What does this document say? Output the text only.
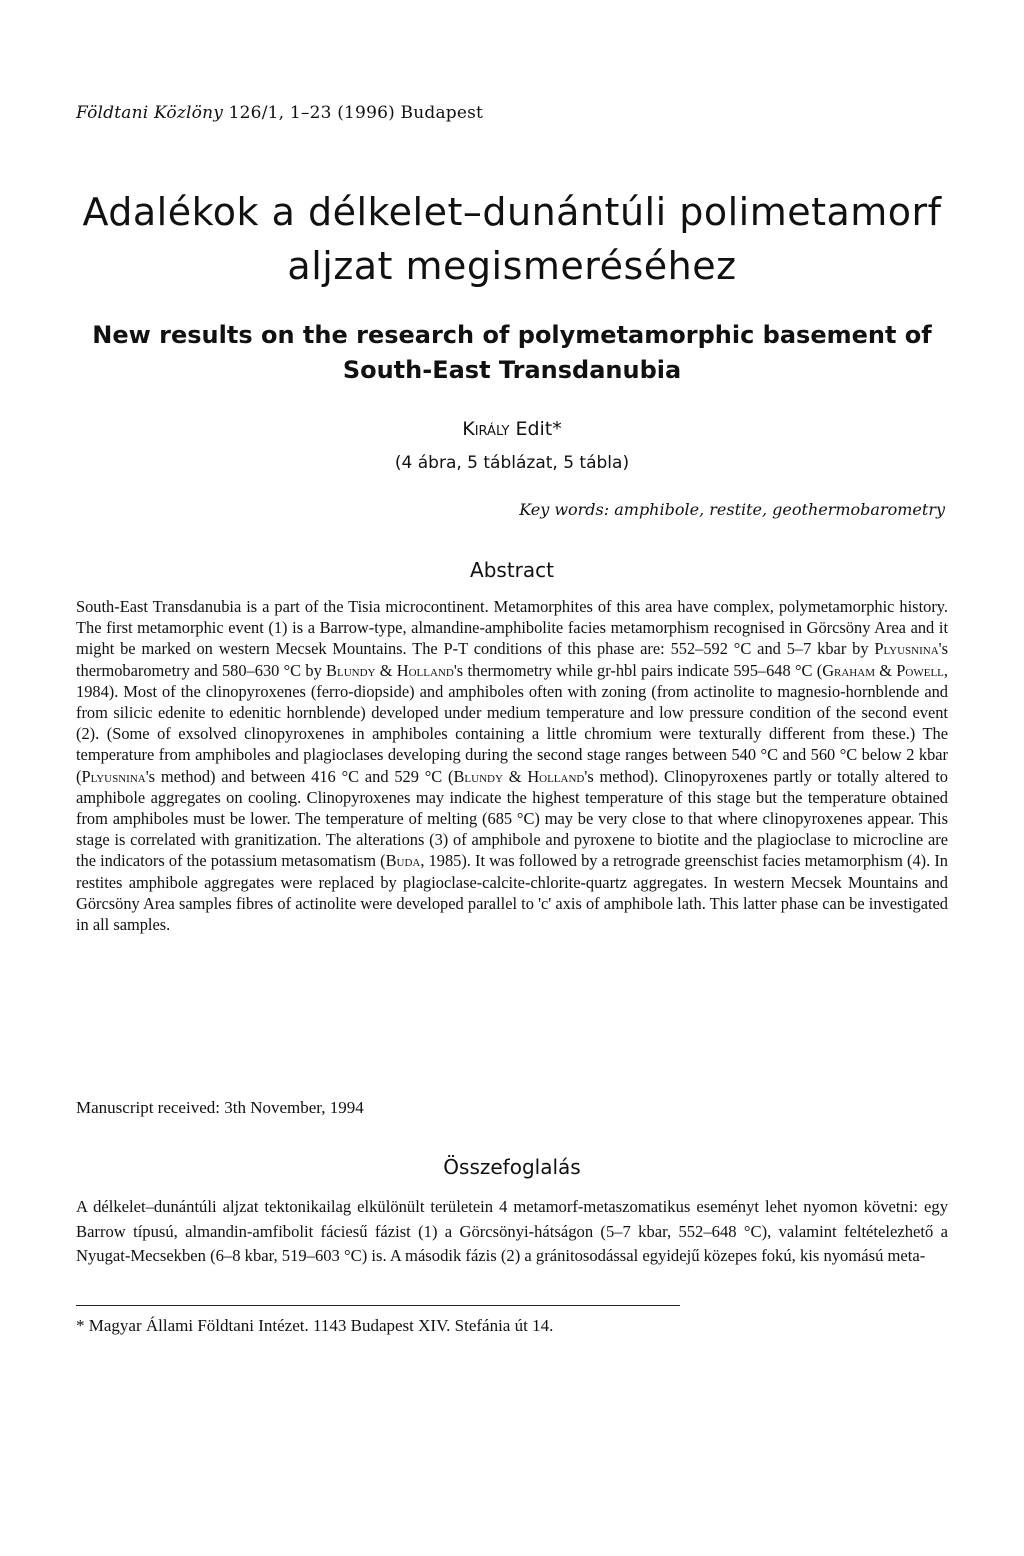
Földtani Közlöny 126/1, 1–23 (1996) Budapest
Adalékok a délkelet–dunántúli polimetamorf
aljzat megismeréséhez
New results on the research of polymetamorphic basement of
South-East Transdanubia
Király Edit*
(4 ábra, 5 táblázat, 5 tábla)
Key words: amphibole, restite, geothermobarometry
Abstract

South-East Transdanubia is a part of the Tisia microcontinent. Metamorphites of this area have complex, polymetamorphic history. The first metamorphic event (1) is a Barrow-type, almandine-amphibolite facies metamorphism recognised in Görcsöny Area and it might be marked on western Mecsek Mountains. The P-T conditions of this phase are: 552–592 °C and 5–7 kbar by Plyusnina's thermobarometry and 580–630 °C by Blundy & Holland's thermometry while gr-hbl pairs indicate 595–648 °C (Graham & Powell, 1984). Most of the clinopyroxenes (ferro-diopside) and amphiboles often with zoning (from actinolite to magnesio-hornblende and from silicic edenite to edenitic hornblende) developed under medium temperature and low pressure condition of the second event (2). (Some of exsolved clinopyroxenes in amphiboles containing a little chromium were texturally different from these.) The temperature from amphiboles and plagioclases developing during the second stage ranges between 540 °C and 560 °C below 2 kbar (Plyusnina's method) and between 416 °C and 529 °C (Blundy & Holland's method). Clinopyroxenes partly or totally altered to amphibole aggregates on cooling. Clinopyroxenes may indicate the highest temperature of this stage but the temperature obtained from amphiboles must be lower. The temperature of melting (685 °C) may be very close to that where clinopyroxenes appear. This stage is correlated with granitization. The alterations (3) of amphibole and pyroxene to biotite and the plagioclase to microcline are the indicators of the potassium metasomatism (Buda, 1985). It was followed by a retrograde greenschist facies metamorphism (4). In restites amphibole aggregates were replaced by plagioclase-calcite-chlorite-quartz aggregates. In western Mecsek Mountains and Görcsöny Area samples fibres of actinolite were developed parallel to 'c' axis of amphibole lath. This latter phase can be investigated in all samples.

Manuscript received: 3th November, 1994
Összefoglalás

A délkelet–dunántúli aljzat tektonikailag elkülönült területein 4 metamorf-metaszomatikus eseményt lehet nyomon követni: egy Barrow típusú, almandin-amfibolit fáciesű fázist (1) a Görcsönyi-hátságon (5–7 kbar, 552–648 °C), valamint feltételezhető a Nyugat-Mecsekben (6–8 kbar, 519–603 °C) is. A második fázis (2) a gránitosodással egyidejű közepes fokú, kis nyomású meta-

* Magyar Állami Földtani Intézet. 1143 Budapest XIV. Stefánia út 14.
